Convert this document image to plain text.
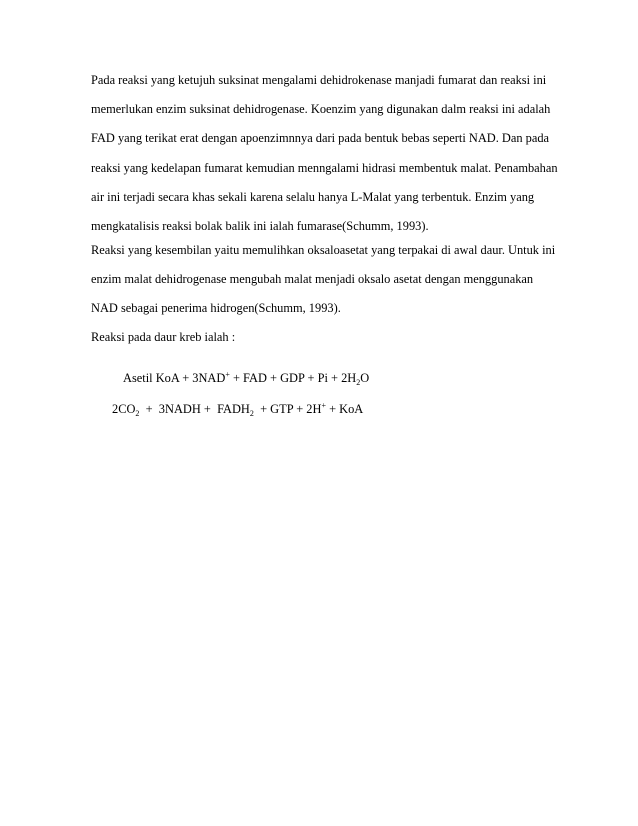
Pada reaksi yang ketujuh suksinat mengalami dehidrokenase manjadi fumarat dan reaksi ini
memerlukan enzim suksinat dehidrogenase. Koenzim yang digunakan dalm reaksi ini adalah
FAD yang terikat erat dengan apoenzimnnya dari pada bentuk bebas seperti NAD. Dan pada
reaksi yang kedelapan fumarat kemudian menngalami hidrasi membentuk malat. Penambahan
air ini terjadi secara khas sekali karena selalu hanya L-Malat yang terbentuk. Enzim yang
mengkatalisis reaksi bolak balik ini ialah fumarase(Schumm, 1993).
Reaksi yang kesembilan yaitu memulihkan oksaloasetat yang terpakai di awal daur. Untuk ini
enzim malat dehidrogenase mengubah malat menjadi oksalo asetat dengan menggunakan
NAD sebagai penerima hidrogen(Schumm, 1993).
Reaksi pada daur kreb ialah :
Asetil KoA + 3NAD+ + FAD + GDP + $Pi + 2H_2O$
$2CO_2$  +  3NADH +  $FADH_2$  + GTP + 2H+ + KoA
